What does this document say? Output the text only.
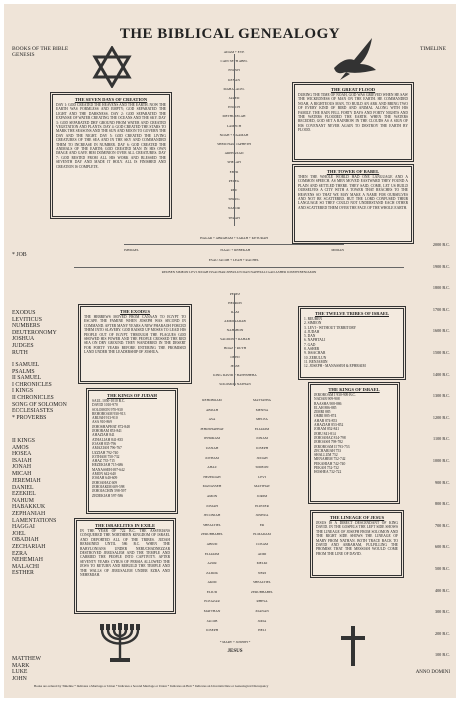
THE BIBLICAL GENEALOGY
BOOKS OF THE BIBLE
GENESIS
TIMELINE
THE SEVEN DAYS OF CREATION
DAY 1: GOD CREATED THE HEAVENS AND THE EARTH. NOW THE EARTH WAS FORMLESS AND EMPTY; GOD SEPARATED THE LIGHT AND THE DARKNESS. DAY 2: GOD SEPARATED THE EXPANSE OF WATER CREATING THE OCEANS AND THE SKY. DAY 3: GOD SEPARATED DRY GROUND FROM WATER AND CREATED VEGETATION AND PLANTS. DAY 4: GOD CREATED THE STARS TO MARK THE SEASONS AND THE SUN AND MOON TO GOVERN THE DAY AND THE NIGHT. DAY 5: GOD CREATED THE LIVING CREATURES OF THE SEA AND IN THE SKY AND COMMANDED THEM TO INCREASE IN NUMBER. DAY 6: GOD CREATED THE ANIMALS OF THE EARTH; GOD CREATED MAN IN HIS OWN IMAGE AND GAVE HIM DOMINION OVER ALL CREATURES. DAY 7: GOD RESTED FROM ALL HIS WORK AND BLESSED THE SEVENTH DAY AND MADE IT HOLY. ALL IS FINISHED AND CREATION IS COMPLETE.
THE GREAT FLOOD
DURING THE TIME OF NOAH, GOD WAS GRIEVED WHEN HE SAW THE WICKEDNESS OF MAN ON THE EARTH. HE COMMANDED NOAH, A RIGHTEOUS MAN, TO BUILD AN ARK AND BRING TWO OF EVERY KIND OF BIRD AND ANIMAL ALONG WITH HIS FAMILY. THE RAIN FELL FORTY DAYS AND FORTY NIGHTS AND THE WATERS FLOODED THE EARTH. WHEN THE WATERS RECEDED, GOD SET A RAINBOW IN THE CLOUDS AS A SIGN OF HIS COVENANT NEVER AGAIN TO DESTROY THE EARTH BY FLOOD.
THE TOWER OF BABEL
THEN THE WHOLE WORLD HAD ONE LANGUAGE AND A COMMON SPEECH. AS MEN MOVED EASTWARD THEY FOUND A PLAIN AND SETTLED THERE. THEY SAID, COME, LET US BUILD OURSELVES A CITY WITH A TOWER THAT REACHES TO THE HEAVENS SO THAT WE MAY MAKE A NAME FOR OURSELVES AND NOT BE SCATTERED. BUT THE LORD CONFUSED THEIR LANGUAGE SO THEY COULD NOT UNDERSTAND EACH OTHER AND SCATTERED THEM OVER THE FACE OF THE WHOLE EARTH.
THE EXODUS
THE HEBREWS MOVED FROM CANAAN TO EGYPT TO ESCAPE THE FAMINE WHEN JOSEPH WAS SECOND IN COMMAND. AFTER MANY YEARS A NEW PHARAOH FORCED THEM INTO SLAVERY. GOD RAISED UP MOSES TO LEAD HIS PEOPLE OUT OF EGYPT. THROUGH THE PLAGUES GOD SHOWED HIS POWER AND THE PEOPLE CROSSED THE RED SEA ON DRY GROUND. THEY WANDERED IN THE DESERT FOR FORTY YEARS BEFORE ENTERING THE PROMISED LAND UNDER THE LEADERSHIP OF JOSHUA.
THE TWELVE TRIBES OF ISRAEL
1. REUBEN
2. SIMEON
3. LEVI - WITHOUT TERRITORY
4. JUDAH
5. DAN
6. NAPHTALI
7. GAD
8. ASHER
9. ISSACHAR
10. ZEBULUN
11. BENJAMIN
12. JOSEPH - MANASSEH & EPHRAIM
THE KINGS OF JUDAH
SAUL 1050-1010 B.C.
DAVID 1010-970
SOLOMON 970-930
REHOBOAM 930-913
ABIJAH 913-910
ASA 910-869
JEHOSHAPHAT 872-848
JEHORAM 853-841
AHAZIAH 841
ATHALIAH 841-835
JOASH 835-796
AMAZIAH 796-767
UZZIAH 792-740
JOTHAM 750-732
AHAZ 735-715
HEZEKIAH 715-686
MANASSEH 697-642
AMON 642-640
JOSIAH 640-609
JEHOAHAZ 609
JEHOIAKIM 609-598
JEHOIACHIN 598-597
ZEDEKIAH 597-586
THE KINGS OF ISRAEL
JEROBOAM I 930-909 B.C.
NADAB 909-908
BAASHA 908-886
ELAH 886-885
ZIMRI 885
OMRI 885-874
AHAB 874-853
AHAZIAH 853-852
JORAM 852-841
JEHU 841-814
JEHOAHAZ 814-798
JEHOASH 798-782
JEROBOAM II 793-753
ZECHARIAH 753
SHALLUM 752
MENAHEM 752-742
PEKAHIAH 742-740
PEKAH 752-732
HOSHEA 732-722
THE ISRAELITES IN EXILE
IN THE YEAR OF 722 B.C. THE ASSYRIANS CONQUERED THE NORTHERN KINGDOM OF ISRAEL AND DEPORTED ALL OF THE TRIBES. JUDAH REMAINED UNTIL 586 B.C. WHEN THE BABYLONIANS UNDER NEBUCHADNEZZAR DESTROYED JERUSALEM AND THE TEMPLE AND CARRIED THE PEOPLE INTO CAPTIVITY. AFTER SEVENTY YEARS CYRUS OF PERSIA ALLOWED THE JEWS TO RETURN AND REBUILD THE TEMPLE AND THE WALLS OF JERUSALEM UNDER EZRA AND NEHEMIAH.
THE LINEAGE OF JESUS
JESUS IS A DIRECT DESCENDANT OF KING DAVID. IN THE GOSPELS THE LEFT SIDE SHOWS THE LINEAGE OF JOSEPH FROM SOLOMON AND THE RIGHT SIDE SHOWS THE LINEAGE OF MARY FROM NATHAN. BOTH TRACE BACK TO DAVID AND ABRAHAM, FULFILLING THE PROMISE THAT THE MESSIAH WOULD COME FROM THE LINE OF DAVID.
* JOB
EXODUS
LEVITICUS
NUMBERS
DEUTERONOMY
JOSHUA
JUDGES
RUTH
I SAMUEL
PSALMS
II SAMUEL
I CHRONICLES
I KINGS
II CHRONICLES
SONG OF SOLOMON
ECCLESIASTES
* PROVERBS
II KINGS
AMOS
HOSEA
ISAIAH
JONAH
MICAH
JEREMIAH
DANIEL
EZEKIEL
NAHUM
HABAKKUK
ZEPHANIAH
LAMENTATIONS
HAGGAI
JOEL
OBADIAH
ZECHARIAH
EZRA
NEHEMIAH
MALACHI
ESTHER
MATTHEW
MARK
LUKE
JOHN
2000 B.C.
1900 B.C.
1800 B.C.
1700 B.C.
1600 B.C.
1500 B.C.
1400 B.C.
1300 B.C.
1200 B.C.
1100 B.C.
1000 B.C.
900 B.C.
800 B.C.
700 B.C.
600 B.C.
500 B.C.
400 B.C.
300 B.C.
200 B.C.
100 B.C.
ANNO DOMINI
ADAM + EVE
CAIN SETH ABEL
ENOSH
KENAN
MAHALALEL
JARED
ENOCH
METHUSELAH
LAMECH
NOAH + NAAMAH
SHEM HAM JAPHETH
ARPHAXAD
SHELAH
EBER
PELEG
REU
SERUG
NAHOR
TERAH
HAGAR + ABRAHAM + SARAH + KETURAH
ISHMAEL	ISAAC + REBEKAH	MIDIAN
ESAU JACOB + LEAH + RACHEL
REUBEN SIMEON LEVI JUDAH ISSACHAR ZEBULUN DAN NAPHTALI GAD ASHER JOSEPH BENJAMIN
PEREZ
HEZRON
RAM
AMMINADAB
NAHSHON
SALMON + RAHAB
BOAZ + RUTH
OBED
JESSE
KING DAVID + BATHSHEBA
SOLOMON NATHAN
REHOBOAM
ABIJAH
ASA
JEHOSHAPHAT
JEHORAM
UZZIAH
JOTHAM
AHAZ
HEZEKIAH
MANASSEH
AMON
JOSIAH
JECONIAH
SHEALTIEL
ZERUBBABEL
ABIUD
ELIAKIM
AZOR
ZADOK
AKIM
ELIUD
ELEAZAR
MATTHAN
JACOB
JOSEPH
MATTATHA
MENNA
MELEA
ELIAKIM
JONAM
JOSEPH
JUDAH
SIMEON
LEVI
MATTHAT
JORIM
ELIEZER
JOSHUA
ER
ELMADAM
COSAM
ADDI
MELKI
NERI
SHEALTIEL
ZERUBBABEL
RHESA
JOANAN
JODA
HELI
* MARY + JOSEPH *
JESUS
Books are ordered by Timeline * Indicates a Marriage or Union * Indicates a Second Marriage or Union * Indicates an Heir * Indicates an Uncertain Date or Genealogical Discrepancy
